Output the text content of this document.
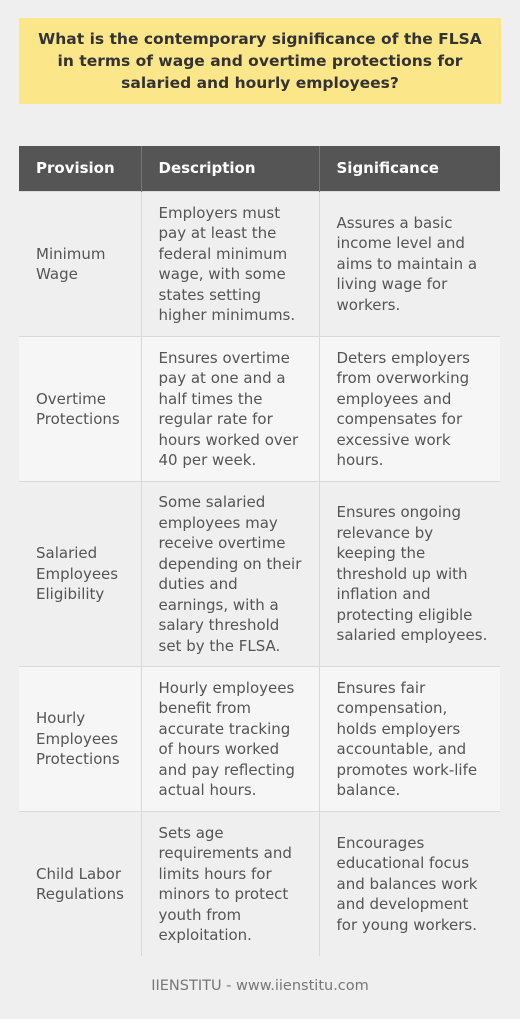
What is the contemporary significance of the FLSA in terms of wage and overtime protections for salaried and hourly employees?
Provision	Description	Significance
Minimum Wage	Employers must pay at least the federal minimum wage, with some states setting higher minimums.	Assures a basic income level and aims to maintain a living wage for workers.
Overtime Protections	Ensures overtime pay at one and a half times the regular rate for hours worked over 40 per week.	Deters employers from overworking employees and compensates for excessive work hours.
Salaried Employees Eligibility	Some salaried employees may receive overtime depending on their duties and earnings, with a salary threshold set by the FLSA.	Ensures ongoing relevance by keeping the threshold up with inflation and protecting eligible salaried employees.
Hourly Employees Protections	Hourly employees benefit from accurate tracking of hours worked and pay reflecting actual hours.	Ensures fair compensation, holds employers accountable, and promotes work-life balance.
Child Labor Regulations	Sets age requirements and limits hours for minors to protect youth from exploitation.	Encourages educational focus and balances work and development for young workers.
IIENSTITU - www.iienstitu.com
